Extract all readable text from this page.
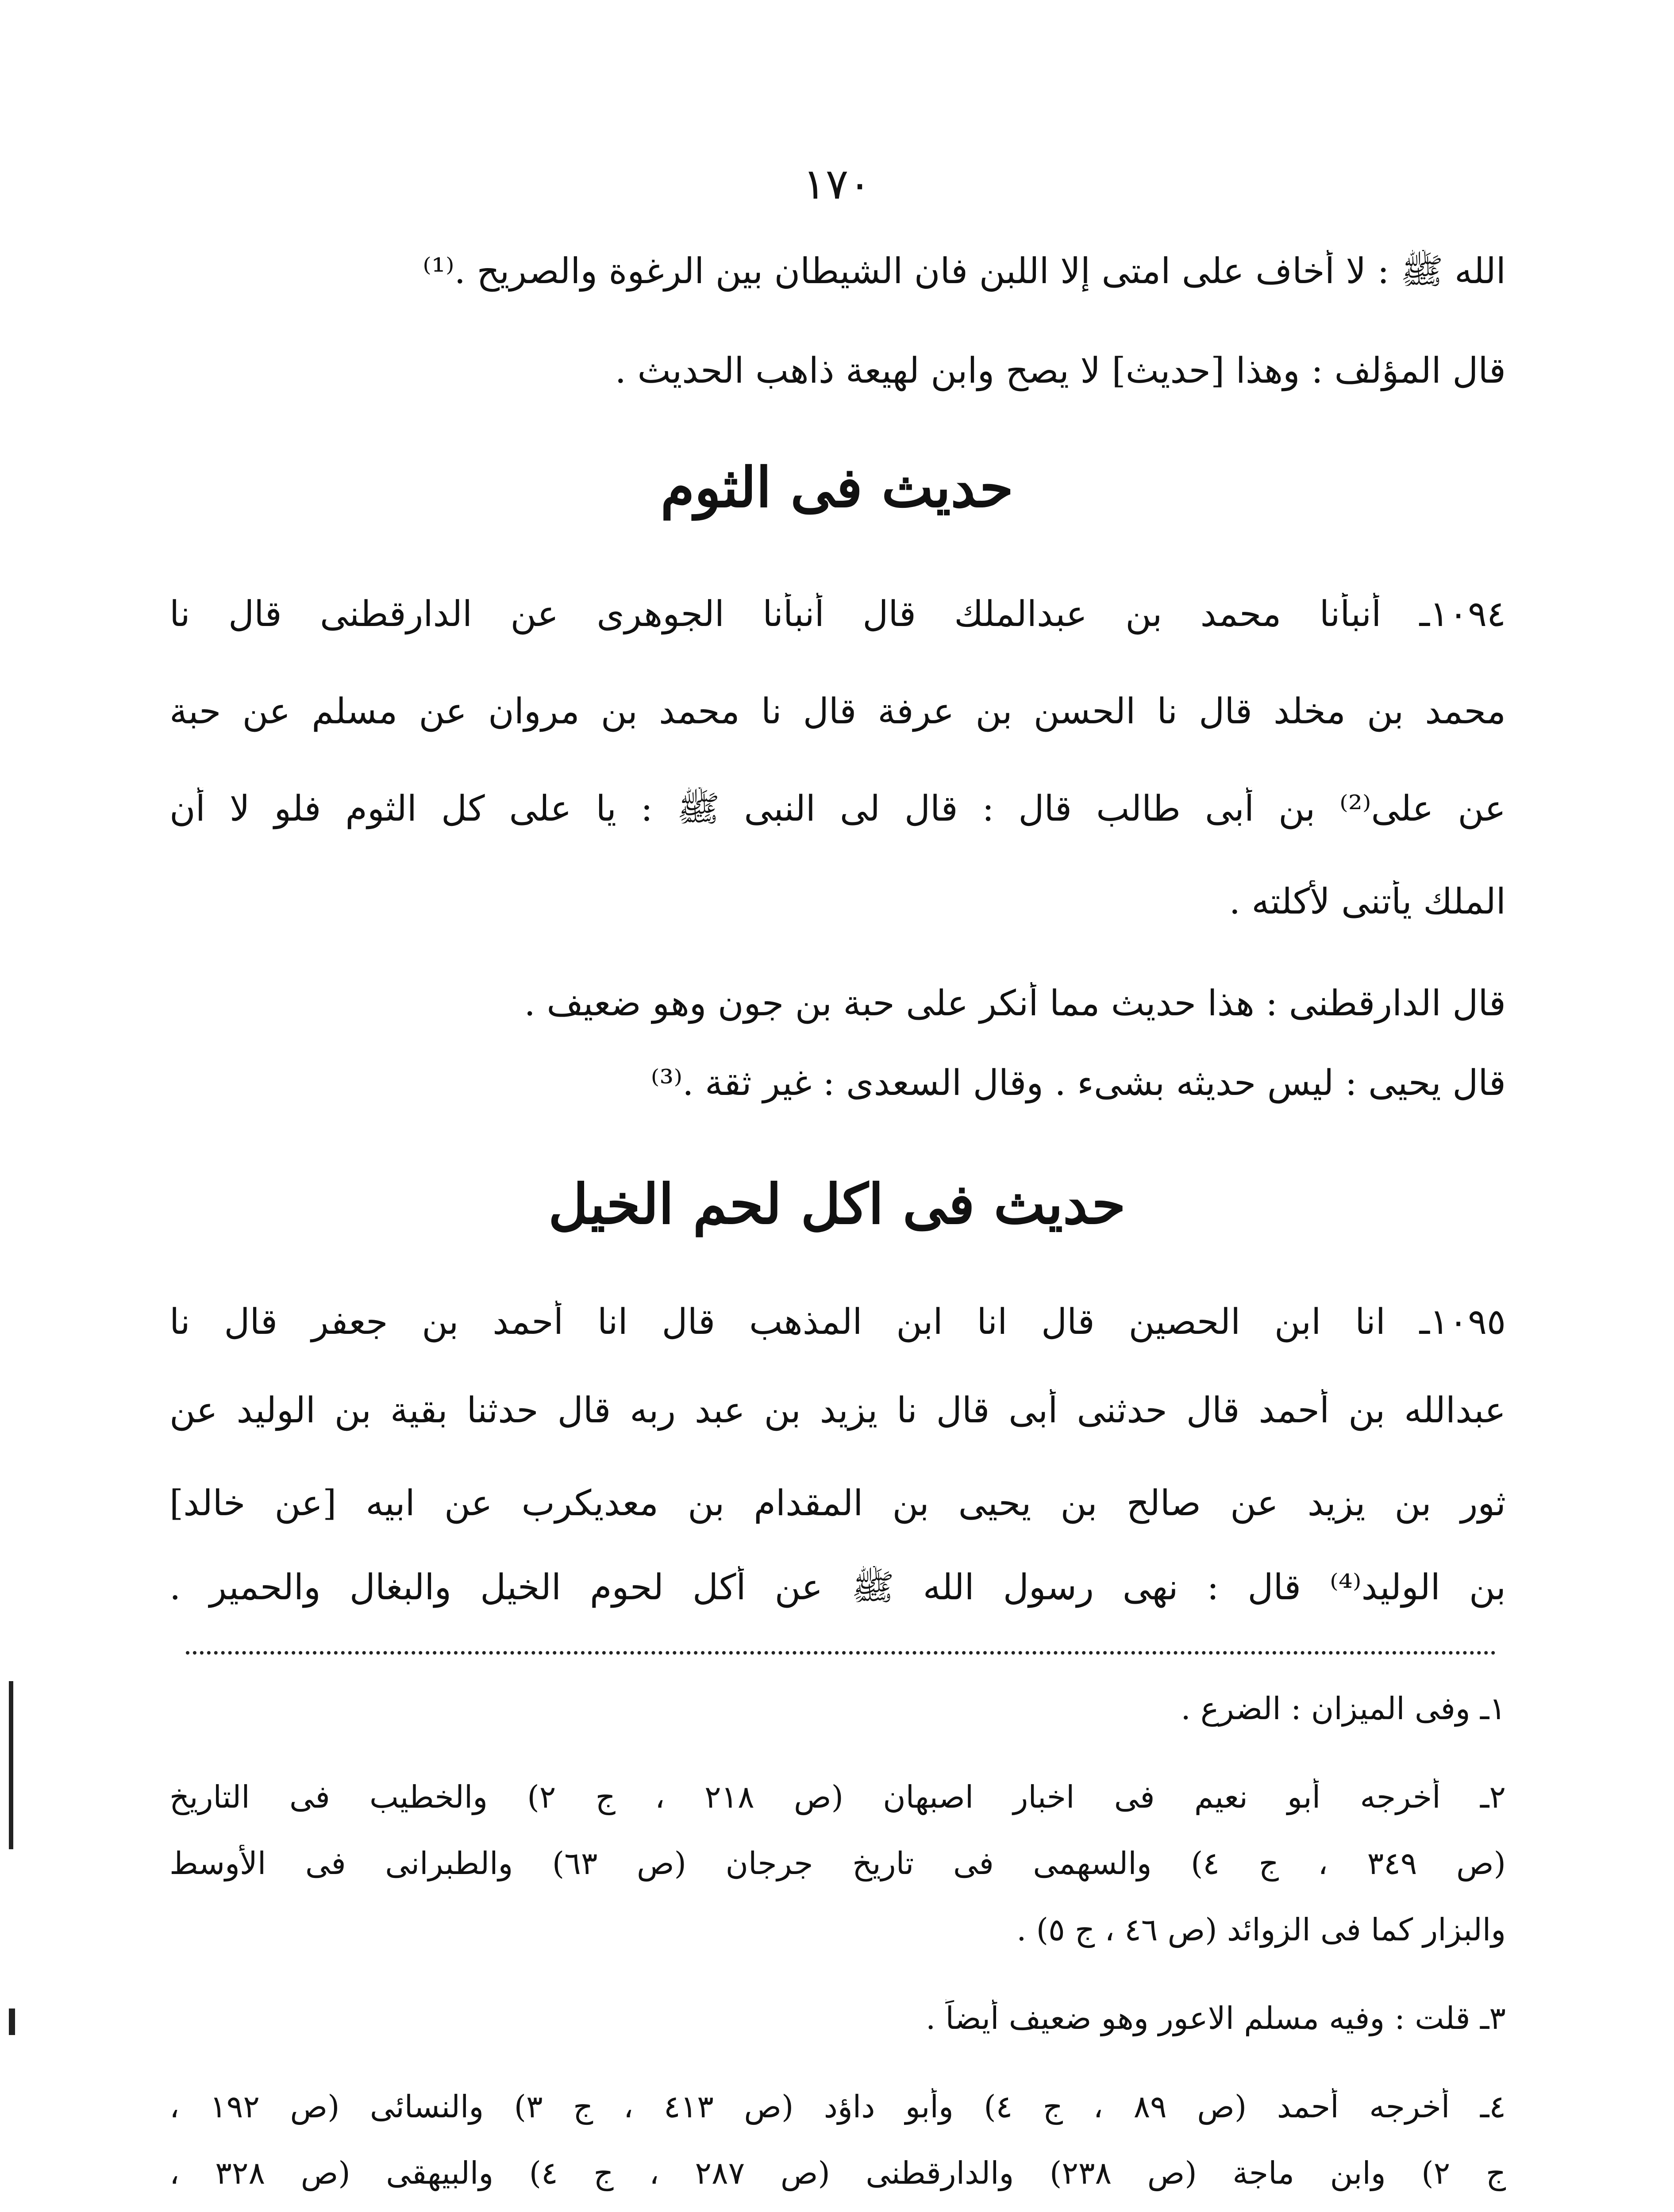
١٧٠
الله ﷺ : لا أخاف على امتى إلا اللبن فان الشيطان بين الرغوة والصريح .⁽¹⁾
قال المؤلف : وهذا [حديث] لا يصح وابن لهيعة ذاهب الحديث .
حديث فى الثوم
١٠٩٤ـ أنبأنا محمد بن عبدالملك قال أنبأنا الجوهرى عن الدارقطنى قال نا
محمد بن مخلد قال نا الحسن بن عرفة قال نا محمد بن مروان عن مسلم عن حبة
عن على⁽²⁾ بن أبى طالب قال : قال لى النبى ﷺ : يا على كل الثوم فلو لا أن
الملك يأتنى لأكلته .
قال الدارقطنى : هذا حديث مما أنكر على حبة بن جون وهو ضعيف .
قال يحيى : ليس حديثه بشىء . وقال السعدى : غير ثقة .⁽³⁾
حديث فى اكل لحم الخيل
١٠٩٥ـ انا ابن الحصين قال انا ابن المذهب قال انا أحمد بن جعفر قال نا
عبدالله بن أحمد قال حدثنى أبى قال نا يزيد بن عبد ربه قال حدثنا بقية بن الوليد عن
ثور بن يزيد عن صالح بن يحيى بن المقدام بن معديكرب عن ابيه [عن خالد]
بن الوليد⁽⁴⁾ قال : نهى رسول الله ﷺ عن أكل لحوم الخيل والبغال والحمير .
١ـ وفى الميزان : الضرع .
٢ـ أخرجه أبو نعيم فى اخبار اصبهان (ص ٢١٨ ، ج ٢) والخطيب فى التاريخ
(ص ٣٤٩ ، ج ٤) والسهمى فى تاريخ جرجان (ص ٦٣) والطبرانى فى الأوسط
والبزار كما فى الزوائد (ص ٤٦ ، ج ٥) .
٣ـ قلت : وفيه مسلم الاعور وهو ضعيف أيضاً .
٤ـ أخرجه أحمد (ص ٨٩ ، ج ٤) وأبو داؤد (ص ٤١٣ ، ج ٣) والنسائى (ص ١٩٢ ،
ج ٢) وابن ماجة (ص ٢٣٨) والدارقطنى (ص ٢٨٧ ، ج ٤) والبيهقى (ص ٣٢٨ ،
